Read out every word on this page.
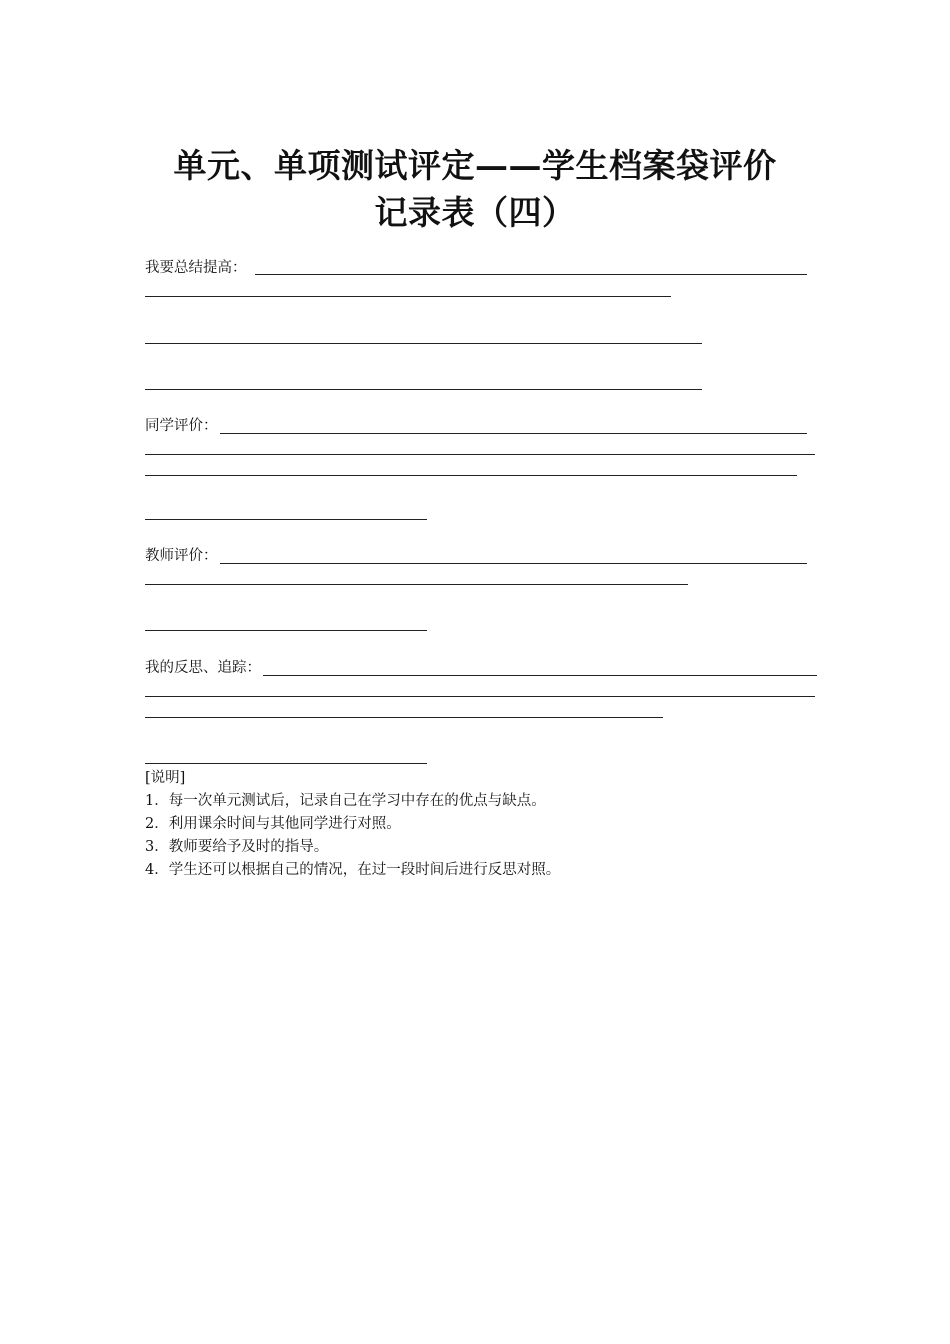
单元、单项测试评定——学生档案袋评价
记录表（四）
我要总结提高：
同学评价：
教师评价：
我的反思、追踪：
[说明]
1．每一次单元测试后，记录自己在学习中存在的优点与缺点。
2．利用课余时间与其他同学进行对照。
3．教师要给予及时的指导。
4．学生还可以根据自己的情况，在过一段时间后进行反思对照。
